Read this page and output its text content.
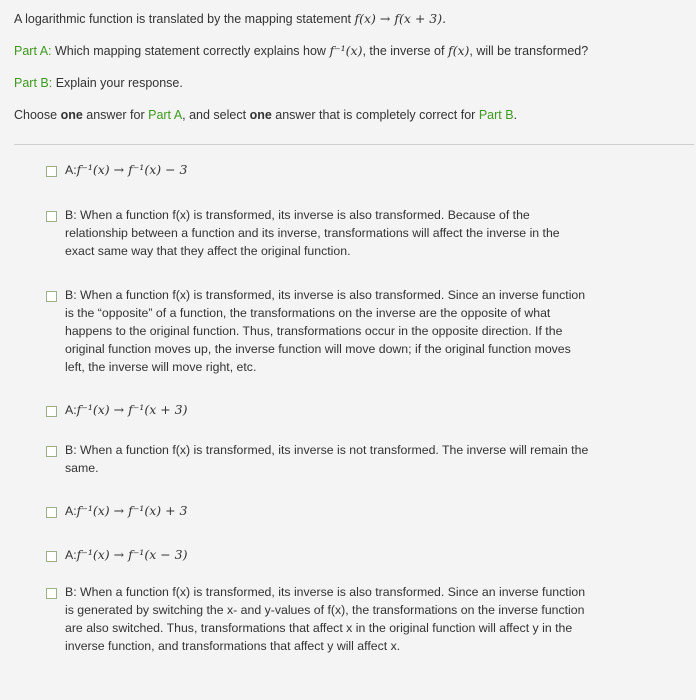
A logarithmic function is translated by the mapping statement f(x) → f(x + 3).
Part A: Which mapping statement correctly explains how f⁻¹(x), the inverse of f(x), will be transformed?
Part B: Explain your response.
Choose one answer for Part A, and select one answer that is completely correct for Part B.
A:f⁻¹(x) → f⁻¹(x) − 3
B: When a function f(x) is transformed, its inverse is also transformed. Because of the
relationship between a function and its inverse, transformations will affect the inverse in the
exact same way that they affect the original function.
B: When a function f(x) is transformed, its inverse is also transformed. Since an inverse function
is the “opposite” of a function, the transformations on the inverse are the opposite of what
happens to the original function. Thus, transformations occur in the opposite direction. If the
original function moves up, the inverse function will move down; if the original function moves
left, the inverse will move right, etc.
A:f⁻¹(x) → f⁻¹(x + 3)
B: When a function f(x) is transformed, its inverse is not transformed. The inverse will remain the
same.
A:f⁻¹(x) → f⁻¹(x) + 3
A:f⁻¹(x) → f⁻¹(x − 3)
B: When a function f(x) is transformed, its inverse is also transformed. Since an inverse function
is generated by switching the x- and y-values of f(x), the transformations on the inverse function
are also switched. Thus, transformations that affect x in the original function will affect y in the
inverse function, and transformations that affect y will affect x.
